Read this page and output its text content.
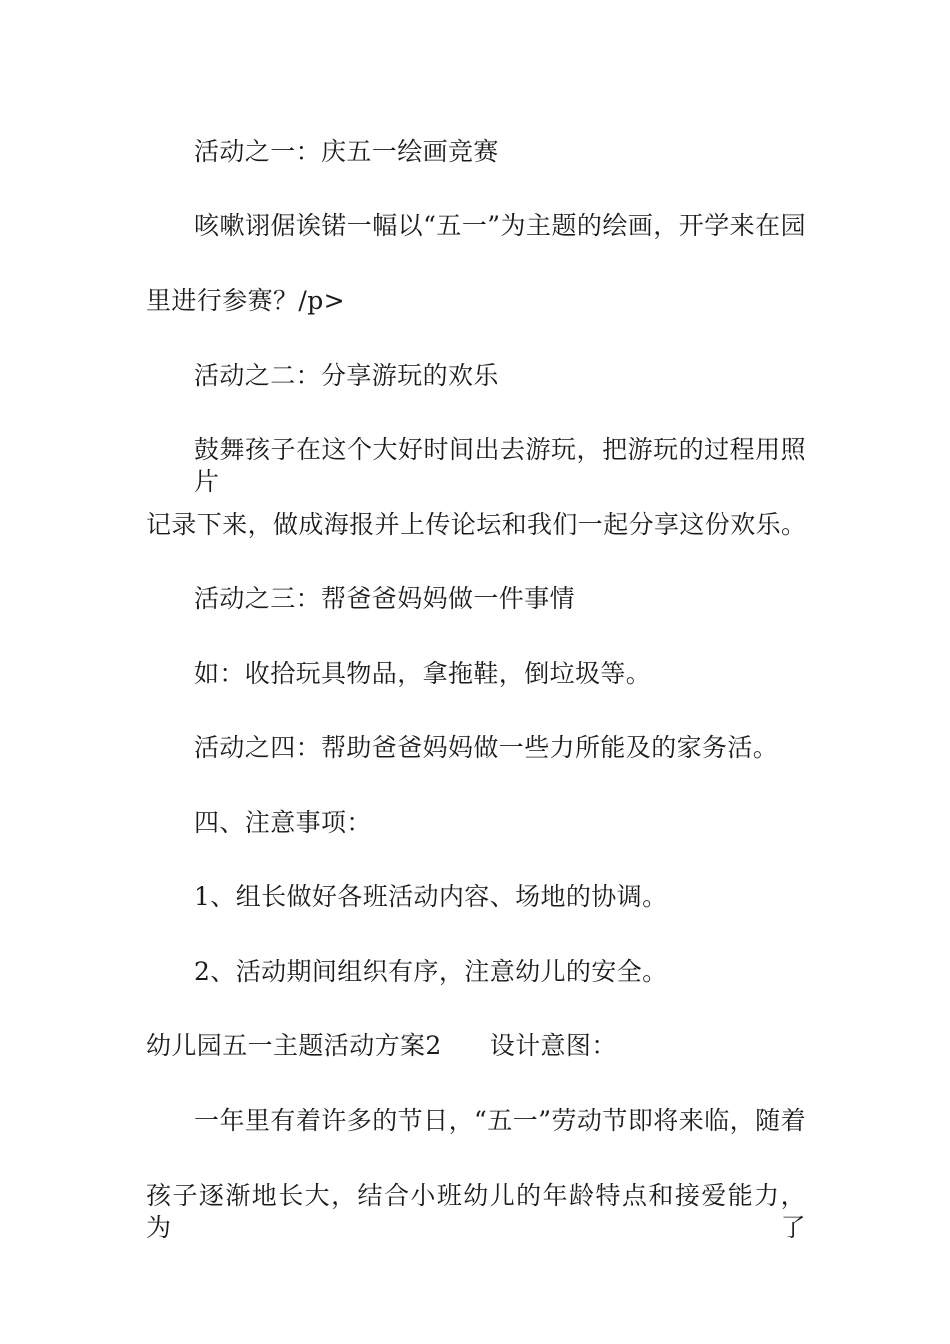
活动之一：庆五一绘画竞赛
咳嗽诩倨诶锘一幅以“五一”为主题的绘画，开学来在园
里进行参赛？/p>
活动之二：分享游玩的欢乐
鼓舞孩子在这个大好时间出去游玩，把游玩的过程用照片
记录下来，做成海报并上传论坛和我们一起分享这份欢乐。
活动之三：帮爸爸妈妈做一件事情
如：收拾玩具物品，拿拖鞋，倒垃圾等。
活动之四：帮助爸爸妈妈做一些力所能及的家务活。
四、注意事项：
1、组长做好各班活动内容、场地的协调。
2、活动期间组织有序，注意幼儿的安全。
幼儿园五一主题活动方案2 设计意图：
一年里有着许多的节日，“五一”劳动节即将来临，随着
孩子逐渐地长大，结合小班幼儿的年龄特点和接爱能力，为了
